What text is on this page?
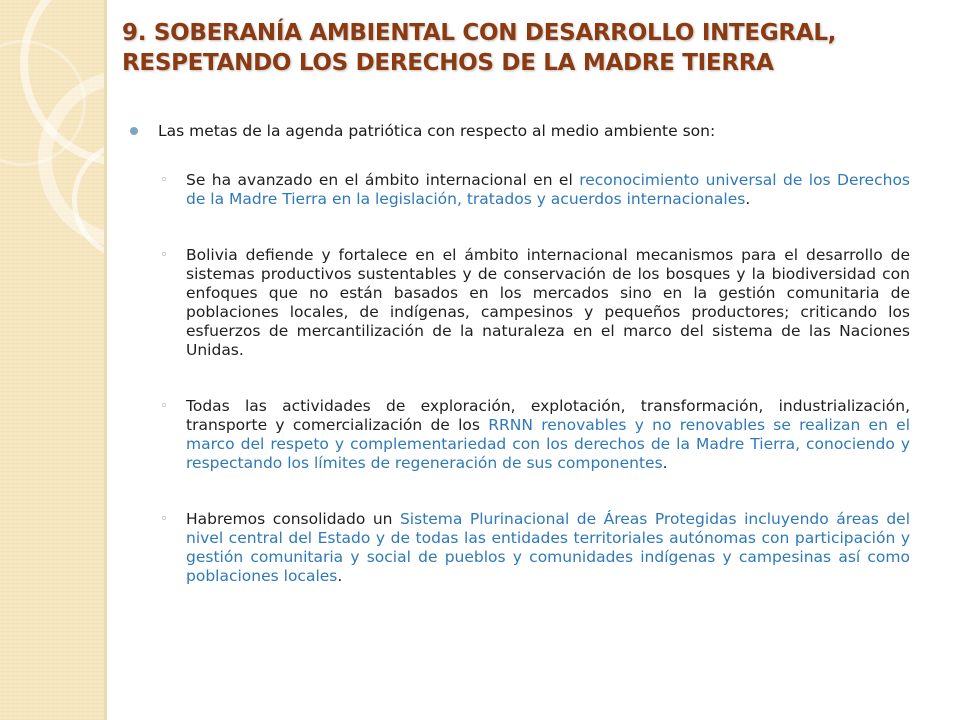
9. SOBERANÍA AMBIENTAL CON DESARROLLO INTEGRAL,
RESPETANDO LOS DERECHOS DE LA MADRE TIERRA

Las metas de la agenda patriótica con respecto al medio ambiente son:

◦ Se ha avanzado en el ámbito internacional en el reconocimiento universal de los Derechos de la Madre Tierra en la legislación, tratados y acuerdos internacionales.

◦ Bolivia defiende y fortalece en el ámbito internacional mecanismos para el desarrollo de sistemas productivos sustentables y de conservación de los bosques y la biodiversidad con enfoques que no están basados en los mercados sino en la gestión comunitaria de poblaciones locales, de indígenas, campesinos y pequeños productores; criticando los esfuerzos de mercantilización de la naturaleza en el marco del sistema de las Naciones Unidas.

◦ Todas las actividades de exploración, explotación, transformación, industrialización, transporte y comercialización de los RRNN renovables y no renovables se realizan en el marco del respeto y complementariedad con los derechos de la Madre Tierra, conociendo y respectando los límites de regeneración de sus componentes.

◦ Habremos consolidado un Sistema Plurinacional de Áreas Protegidas incluyendo áreas del nivel central del Estado y de todas las entidades territoriales autónomas con participación y gestión comunitaria y social de pueblos y comunidades indígenas y campesinas así como poblaciones locales.
